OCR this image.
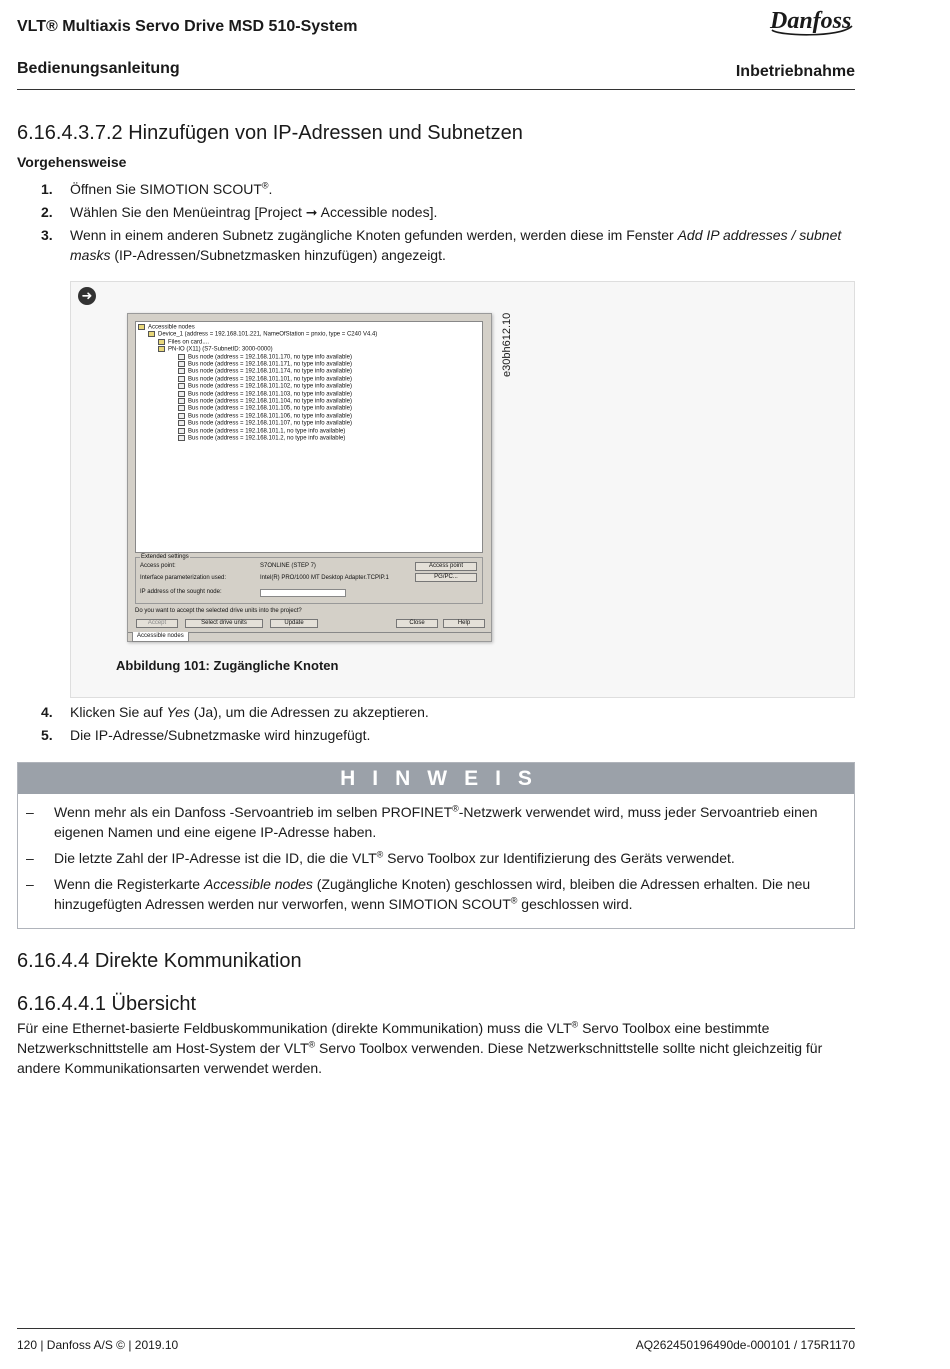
VLT® Multiaxis Servo Drive MSD 510-System
Bedienungsanleitung	Inbetriebnahme
Danfoss
6.16.4.3.7.2 Hinzufügen von IP-Adressen und Subnetzen
Vorgehensweise
1. Öffnen Sie SIMOTION SCOUT®.
2. Wählen Sie den Menüeintrag [Project ➞ Accessible nodes].
3. Wenn in einem anderen Subnetz zugängliche Knoten gefunden werden, werden diese im Fenster Add IP addresses / subnet masks (IP-Adressen/Subnetzmasken hinzufügen) angezeigt.
➜
Accessible nodes
Device_1 (address = 192.168.101.221, NameOfStation = pnxio, type = C240 V4.4)
Files on card....
PN-IO (X11) (S7-SubnetID: 3000-0000)
Bus node (address = 192.168.101.170, no type info available)
Bus node (address = 192.168.101.171, no type info available)
Bus node (address = 192.168.101.174, no type info available)
Bus node (address = 192.168.101.101, no type info available)
Bus node (address = 192.168.101.102, no type info available)
Bus node (address = 192.168.101.103, no type info available)
Bus node (address = 192.168.101.104, no type info available)
Bus node (address = 192.168.101.105, no type info available)
Bus node (address = 192.168.101.106, no type info available)
Bus node (address = 192.168.101.107, no type info available)
Bus node (address = 192.168.101.1, no type info available)
Bus node (address = 192.168.101.2, no type info available)
Extended settings
Access point:	S7ONLINE (STEP 7)
Interface parameterization used:	Intel(R) PRO/1000 MT Desktop Adapter.TCPIP.1
IP address of the sought node:
Access point
PG/PC...
Do you want to accept the selected drive units into the project?
Accept	Select drive units	Update	Close	Help
Accessible nodes
e30bh612.10
Abbildung 101: Zugängliche Knoten
4. Klicken Sie auf Yes (Ja), um die Adressen zu akzeptieren.
5. Die IP-Adresse/Subnetzmaske wird hinzugefügt.
HINWEIS
– Wenn mehr als ein Danfoss -Servoantrieb im selben PROFINET®-Netzwerk verwendet wird, muss jeder Servoantrieb einen eigenen Namen und eine eigene IP-Adresse haben.
– Die letzte Zahl der IP-Adresse ist die ID, die die VLT® Servo Toolbox zur Identifizierung des Geräts verwendet.
– Wenn die Registerkarte Accessible nodes (Zugängliche Knoten) geschlossen wird, bleiben die Adressen erhalten. Die neu hinzugefügten Adressen werden nur verworfen, wenn SIMOTION SCOUT® geschlossen wird.
6.16.4.4 Direkte Kommunikation
6.16.4.4.1 Übersicht

Für eine Ethernet-basierte Feldbuskommunikation (direkte Kommunikation) muss die VLT® Servo Toolbox eine bestimmte Netzwerkschnittstelle am Host-System der VLT® Servo Toolbox verwenden. Diese Netzwerkschnittstelle sollte nicht gleichzeitig für andere Kommunikationsarten verwendet werden.

120 | Danfoss A/S © | 2019.10	AQ262450196490de-000101 / 175R1170
